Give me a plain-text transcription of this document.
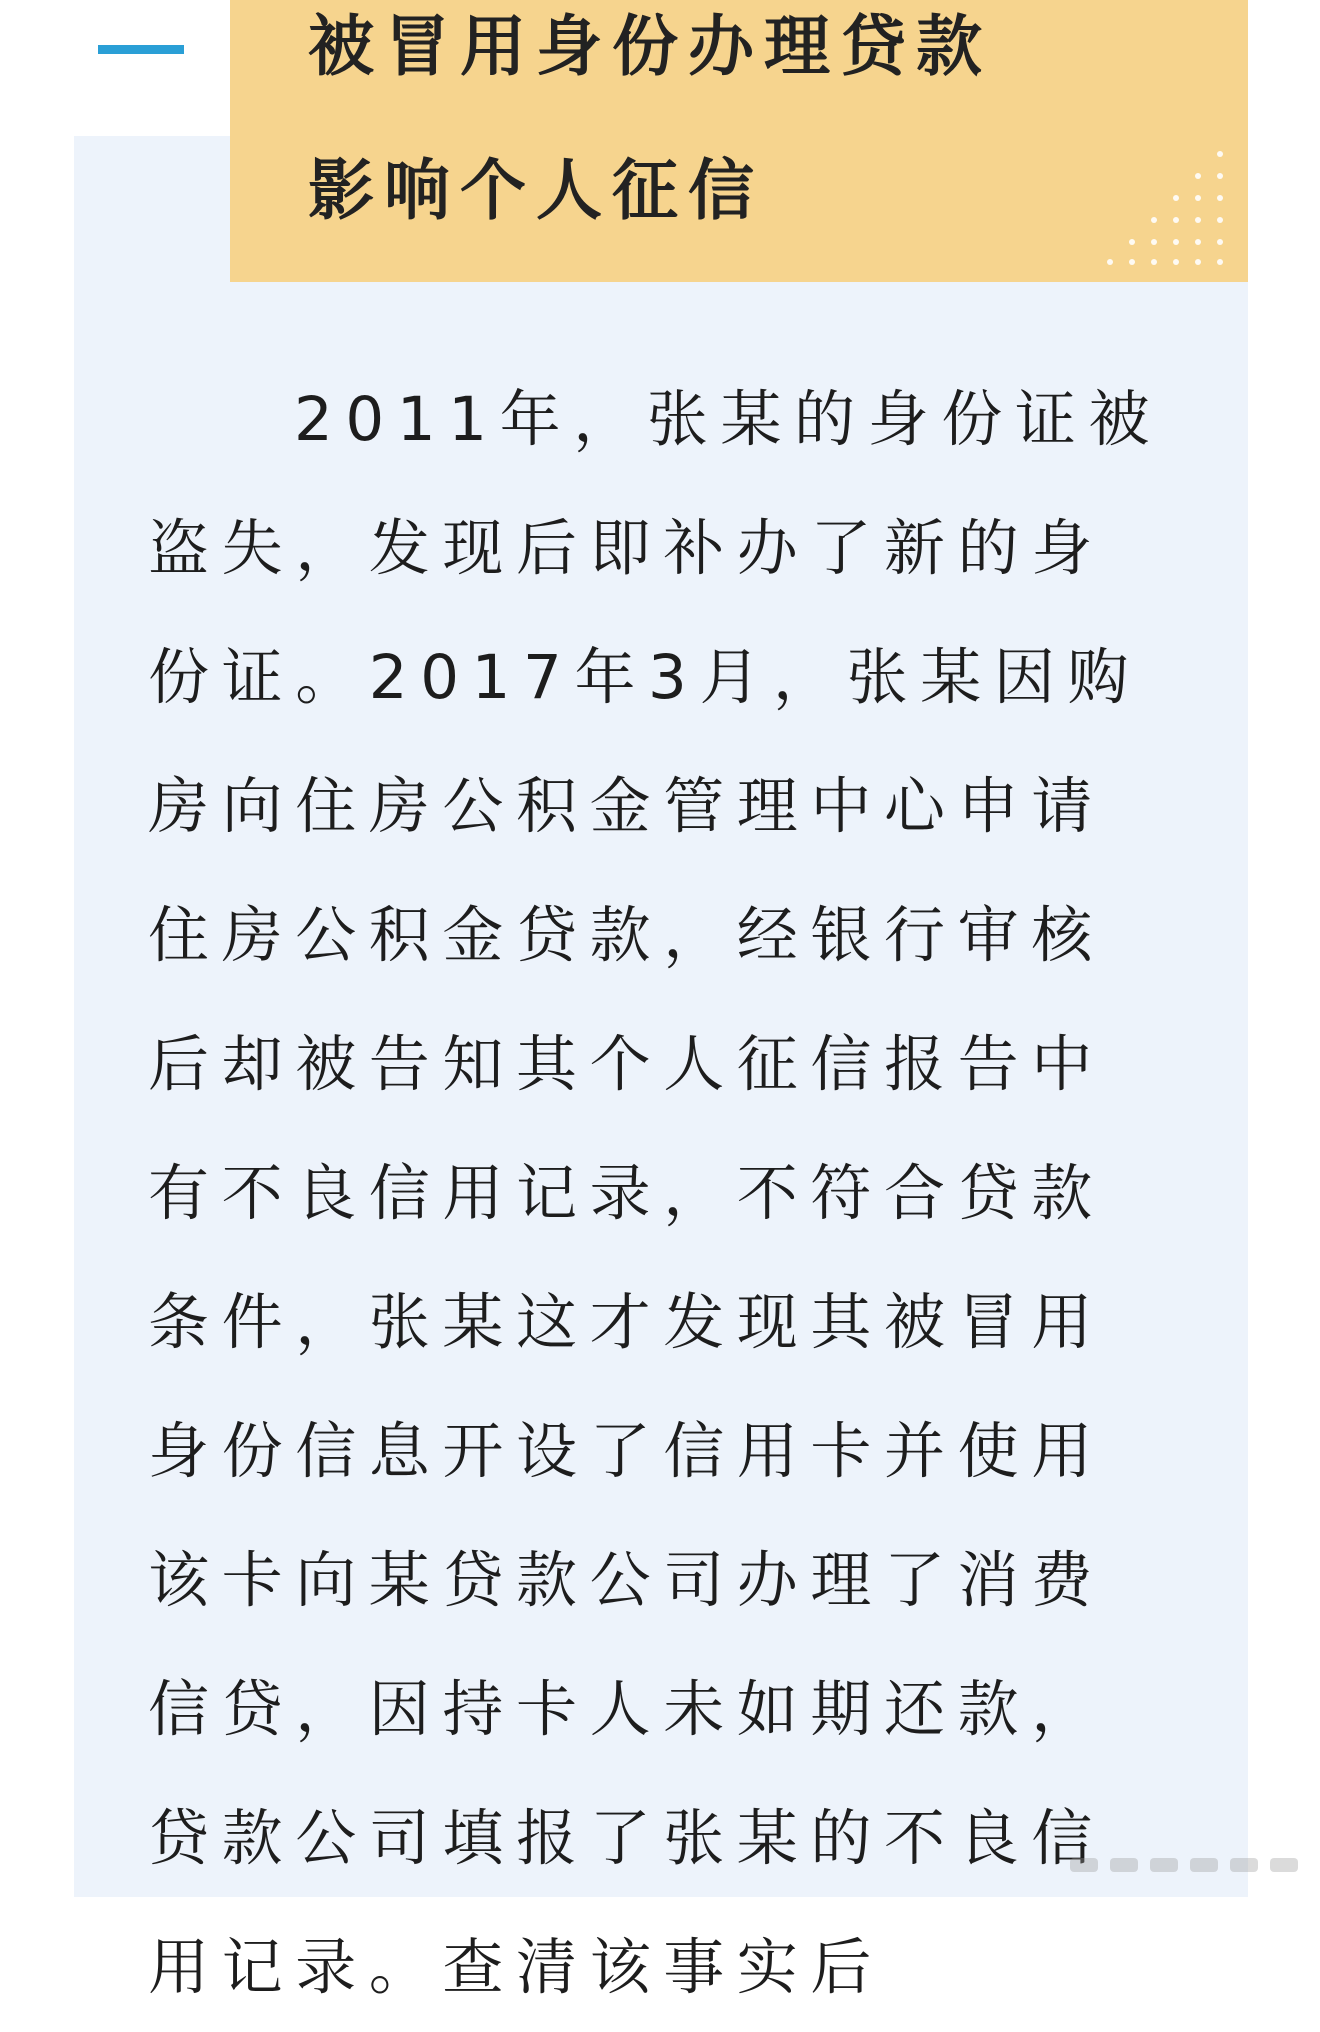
被冒用身份办理贷款
影响个人征信

2011年，张某的身份证被盗失，发现后即补办了新的身份证。2017年3月，张某因购房向住房公积金管理中心申请住房公积金贷款，经银行审核后却被告知其个人征信报告中有不良信用记录，不符合贷款条件，张某这才发现其被冒用身份信息开设了信用卡并使用该卡向某贷款公司办理了消费信贷，因持卡人未如期还款，贷款公司填报了张某的不良信用记录。查清该事实后
